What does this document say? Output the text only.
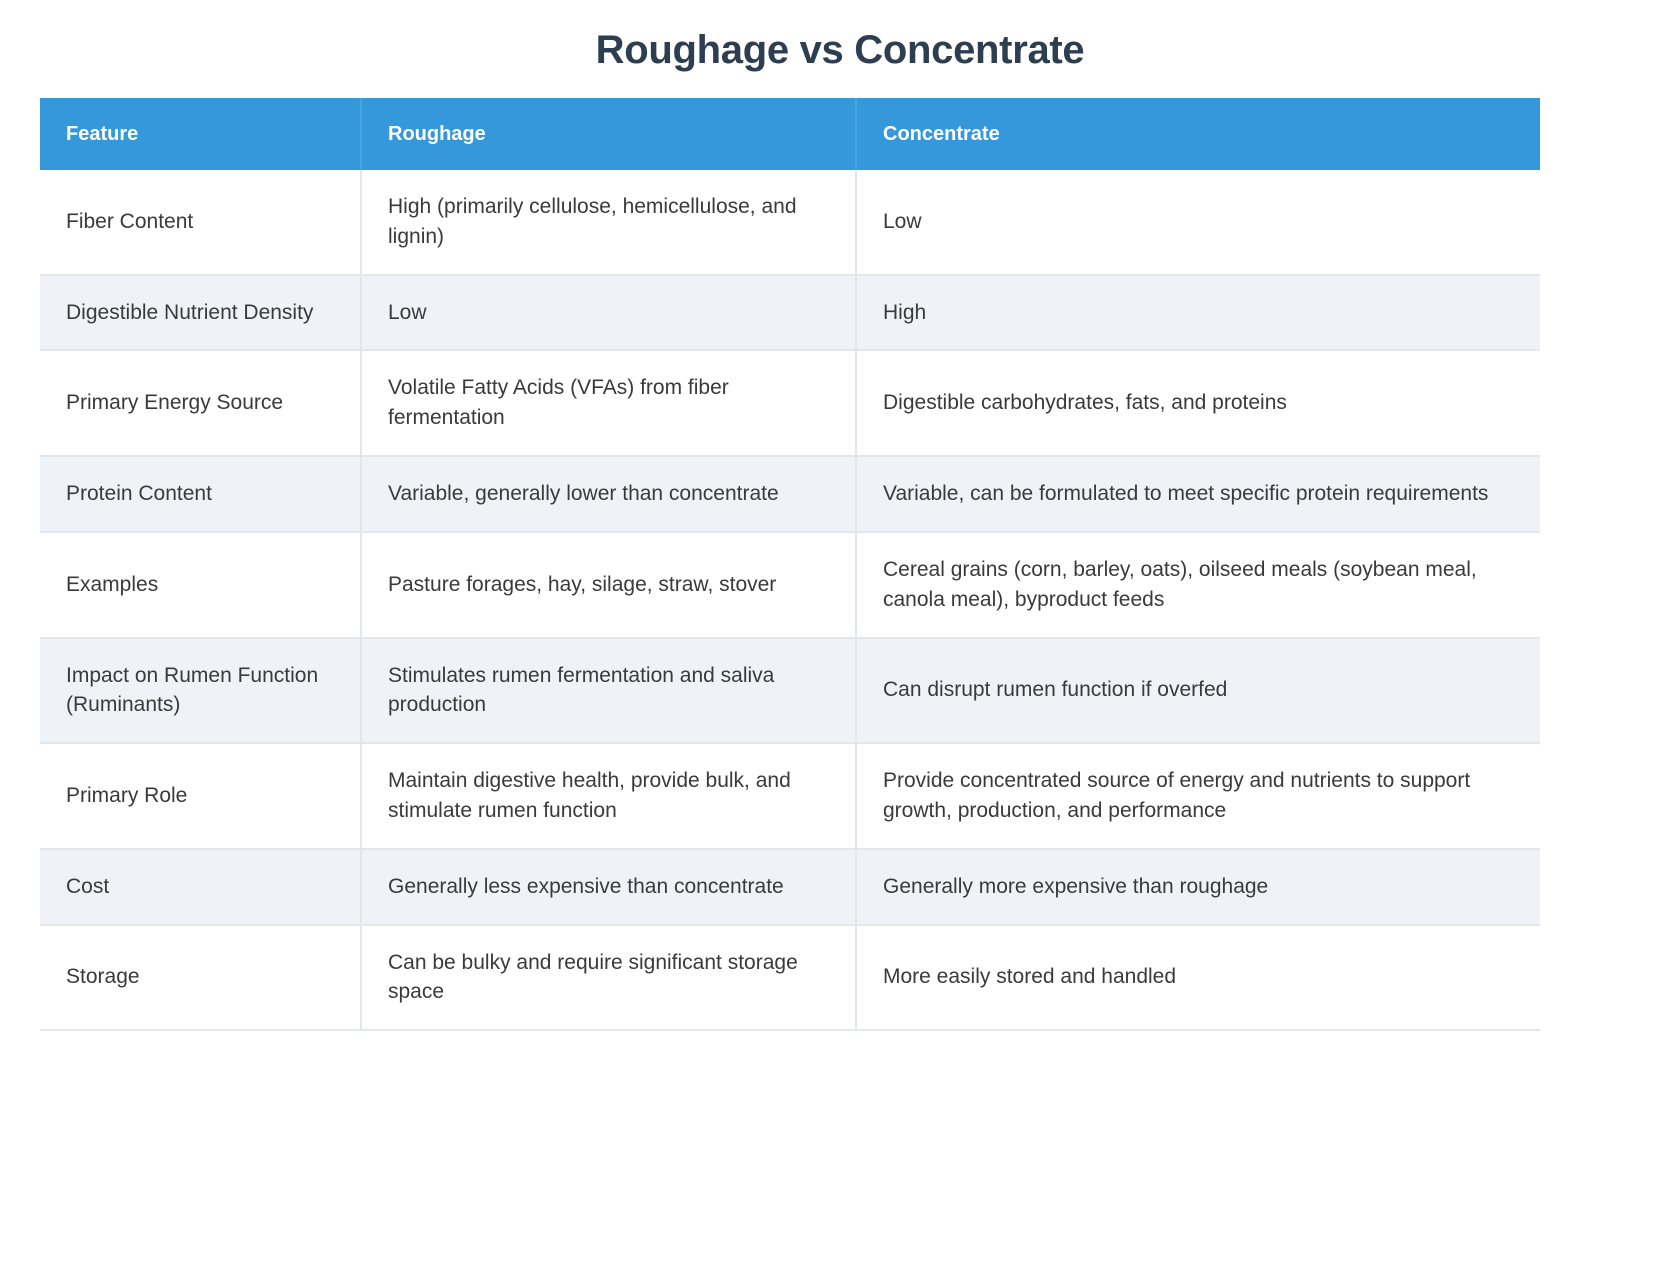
Roughage vs Concentrate
Feature	Roughage	Concentrate
Fiber Content	High (primarily cellulose, hemicellulose, and lignin)	Low
Digestible Nutrient Density	Low	High
Primary Energy Source	Volatile Fatty Acids (VFAs) from fiber fermentation	Digestible carbohydrates, fats, and proteins
Protein Content	Variable, generally lower than concentrate	Variable, can be formulated to meet specific protein requirements
Examples	Pasture forages, hay, silage, straw, stover	Cereal grains (corn, barley, oats), oilseed meals (soybean meal, canola meal), byproduct feeds
Impact on Rumen Function (Ruminants)	Stimulates rumen fermentation and saliva production	Can disrupt rumen function if overfed
Primary Role	Maintain digestive health, provide bulk, and stimulate rumen function	Provide concentrated source of energy and nutrients to support growth, production, and performance
Cost	Generally less expensive than concentrate	Generally more expensive than roughage
Storage	Can be bulky and require significant storage space	More easily stored and handled
